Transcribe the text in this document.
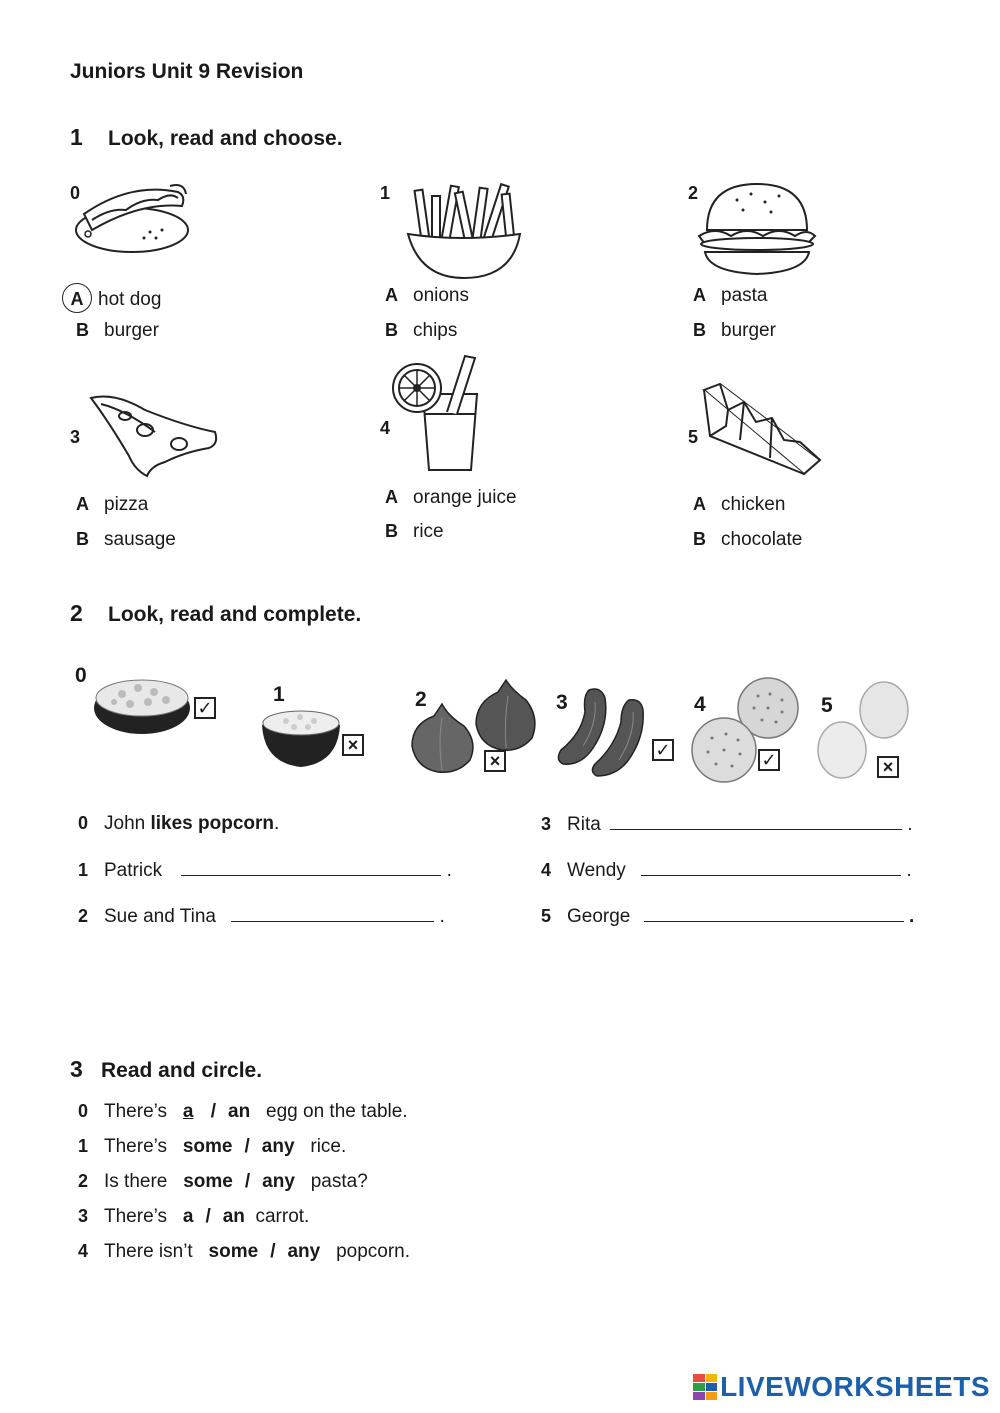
Juniors Unit 9 Revision
1 Look, read and choose.
0
A hot dog
B burger
1
A onions
B chips
2
A pasta
B burger
3
A pizza
B sausage
4
A orange juice
B rice
5
A chicken
B chocolate
2 Look, read and complete.
0
✓
1
×
2
×
3
✓
4
✓
5
×
0 John likes popcorn.
1 Patrick	.
2 Sue and Tina	.
3 Rita	.
4 Wendy	.
5 George	.
3 Read and circle.
0 There’s a / an egg on the table.
1 There’s some / any rice.
2 Is there some / any pasta?
3 There’s a / an carrot.
4 There isn’t some / any popcorn.
LIVEWORKSHEETS
